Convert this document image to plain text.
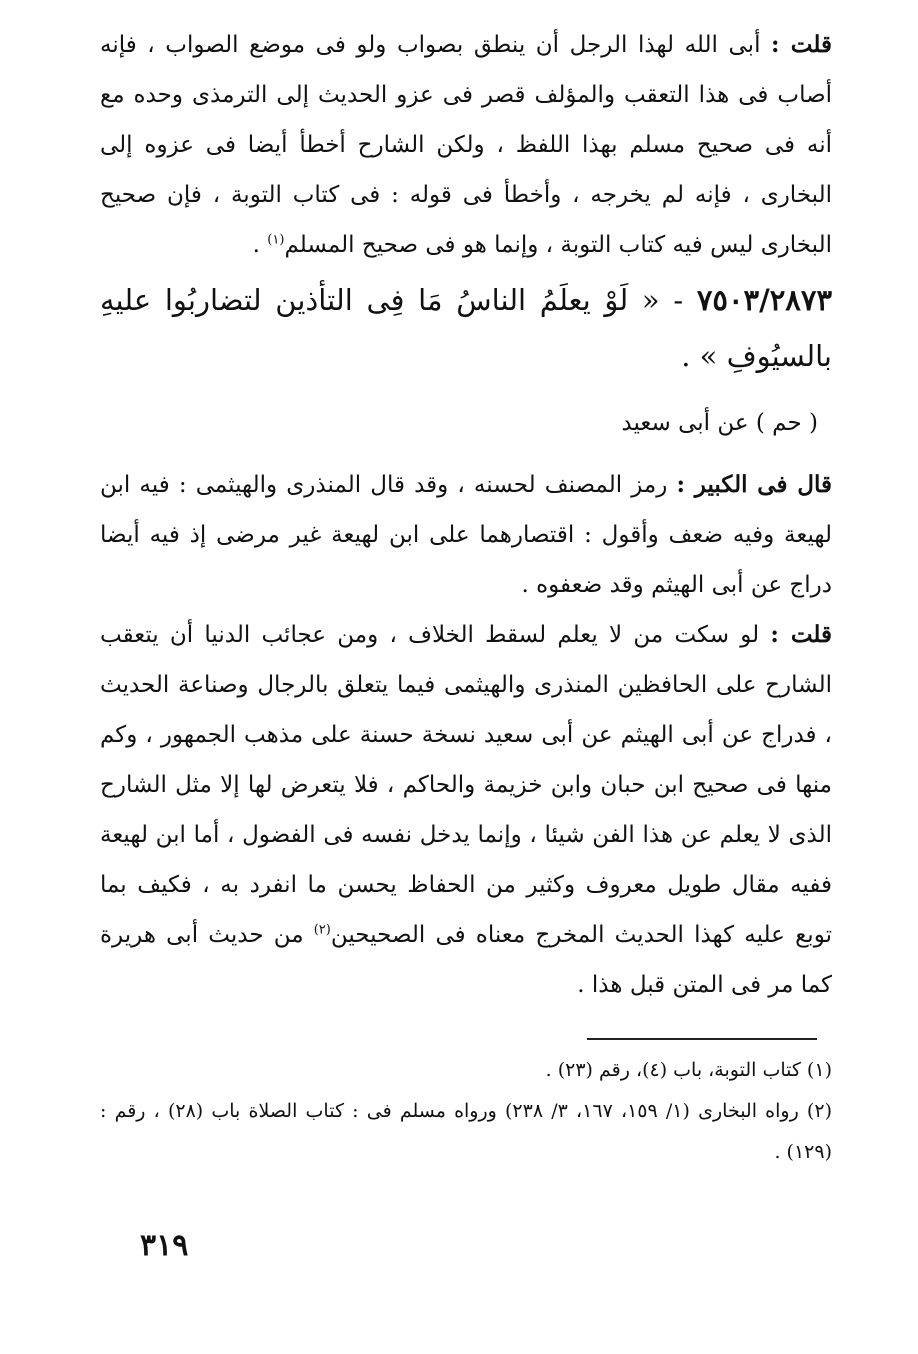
قلت : أبى الله لهذا الرجل أن ينطق بصواب ولو فى موضع الصواب ، فإنه أصاب فى هذا التعقب والمؤلف قصر فى عزو الحديث إلى الترمذى وحده مع أنه فى صحيح مسلم بهذا اللفظ ، ولكن الشارح أخطأ أيضا فى عزوه إلى البخارى ، فإنه لم يخرجه ، وأخطأ فى قوله : فى كتاب التوبة ، فإن صحيح البخارى ليس فيه كتاب التوبة ، وإنما هو فى صحيح المسلم$^{(١)}$ .

٧٥٠٣/٢٨٧٣ - « لَوْ يعلَمُ الناسُ مَا فِى التأذين لتضاربُوا عليهِ بالسيُوفِ » .

( حم ) عن أبى سعيد

قال فى الكبير : رمز المصنف لحسنه ، وقد قال المنذرى والهيثمى : فيه ابن لهيعة وفيه ضعف وأقول : اقتصارهما على ابن لهيعة غير مرضى إذ فيه أيضا دراج عن أبى الهيثم وقد ضعفوه .

قلت : لو سكت من لا يعلم لسقط الخلاف ، ومن عجائب الدنيا أن يتعقب الشارح على الحافظين المنذرى والهيثمى فيما يتعلق بالرجال وصناعة الحديث ، فدراج عن أبى الهيثم عن أبى سعيد نسخة حسنة على مذهب الجمهور ، وكم منها فى صحيح ابن حبان وابن خزيمة والحاكم ، فلا يتعرض لها إلا مثل الشارح الذى لا يعلم عن هذا الفن شيئا ، وإنما يدخل نفسه فى الفضول ، أما ابن لهيعة ففيه مقال طويل معروف وكثير من الحفاظ يحسن ما انفرد به ، فكيف بما توبع عليه كهذا الحديث المخرج معناه فى الصحيحين$^{(٢)}$ من حديث أبى هريرة كما مر فى المتن قبل هذا .

(١) كتاب التوبة، باب (٤)، رقم (٢٣) .

(٢) رواه البخارى (١/ ١٥٩، ١٦٧، ٣/ ٢٣٨) ورواه مسلم فى : كتاب الصلاة باب (٢٨) ، رقم : (١٢٩) .

٣١٩
